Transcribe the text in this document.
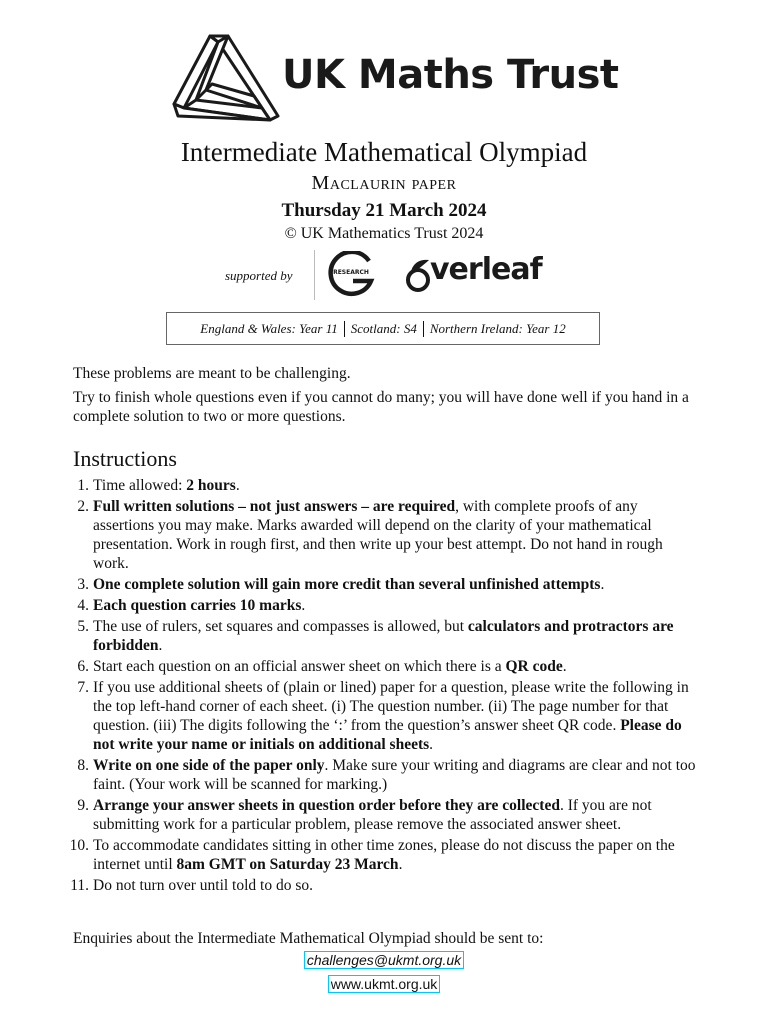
UK Maths Trust
Intermediate Mathematical Olympiad
Maclaurin paper
Thursday 21 March 2024
© UK Mathematics Trust 2024
supported by	RESEARCH verleaf
England & Wales: Year 11 Scotland: S4 Northern Ireland: Year 12
These problems are meant to be challenging.
Try to finish whole questions even if you cannot do many; you will have done well if you hand in a complete solution to two or more questions.
Instructions
1. Time allowed: 2 hours.
2. Full written solutions – not just answers – are required, with complete proofs of any assertions you may make. Marks awarded will depend on the clarity of your mathematical presentation. Work in rough first, and then write up your best attempt. Do not hand in rough work.
3. One complete solution will gain more credit than several unfinished attempts.
4. Each question carries 10 marks.
5. The use of rulers, set squares and compasses is allowed, but calculators and protractors are forbidden.
6. Start each question on an official answer sheet on which there is a QR code.
7. If you use additional sheets of (plain or lined) paper for a question, please write the following in the top left-hand corner of each sheet. (i) The question number. (ii) The page number for that question. (iii) The digits following the ‘:’ from the question’s answer sheet QR code. Please do not write your name or initials on additional sheets.
8. Write on one side of the paper only. Make sure your writing and diagrams are clear and not too faint. (Your work will be scanned for marking.)
9. Arrange your answer sheets in question order before they are collected. If you are not submitting work for a particular problem, please remove the associated answer sheet.
10. To accommodate candidates sitting in other time zones, please do not discuss the paper on the internet until 8am GMT on Saturday 23 March.
11. Do not turn over until told to do so.
Enquiries about the Intermediate Mathematical Olympiad should be sent to:
challenges@ukmt.org.uk
www.ukmt.org.uk
